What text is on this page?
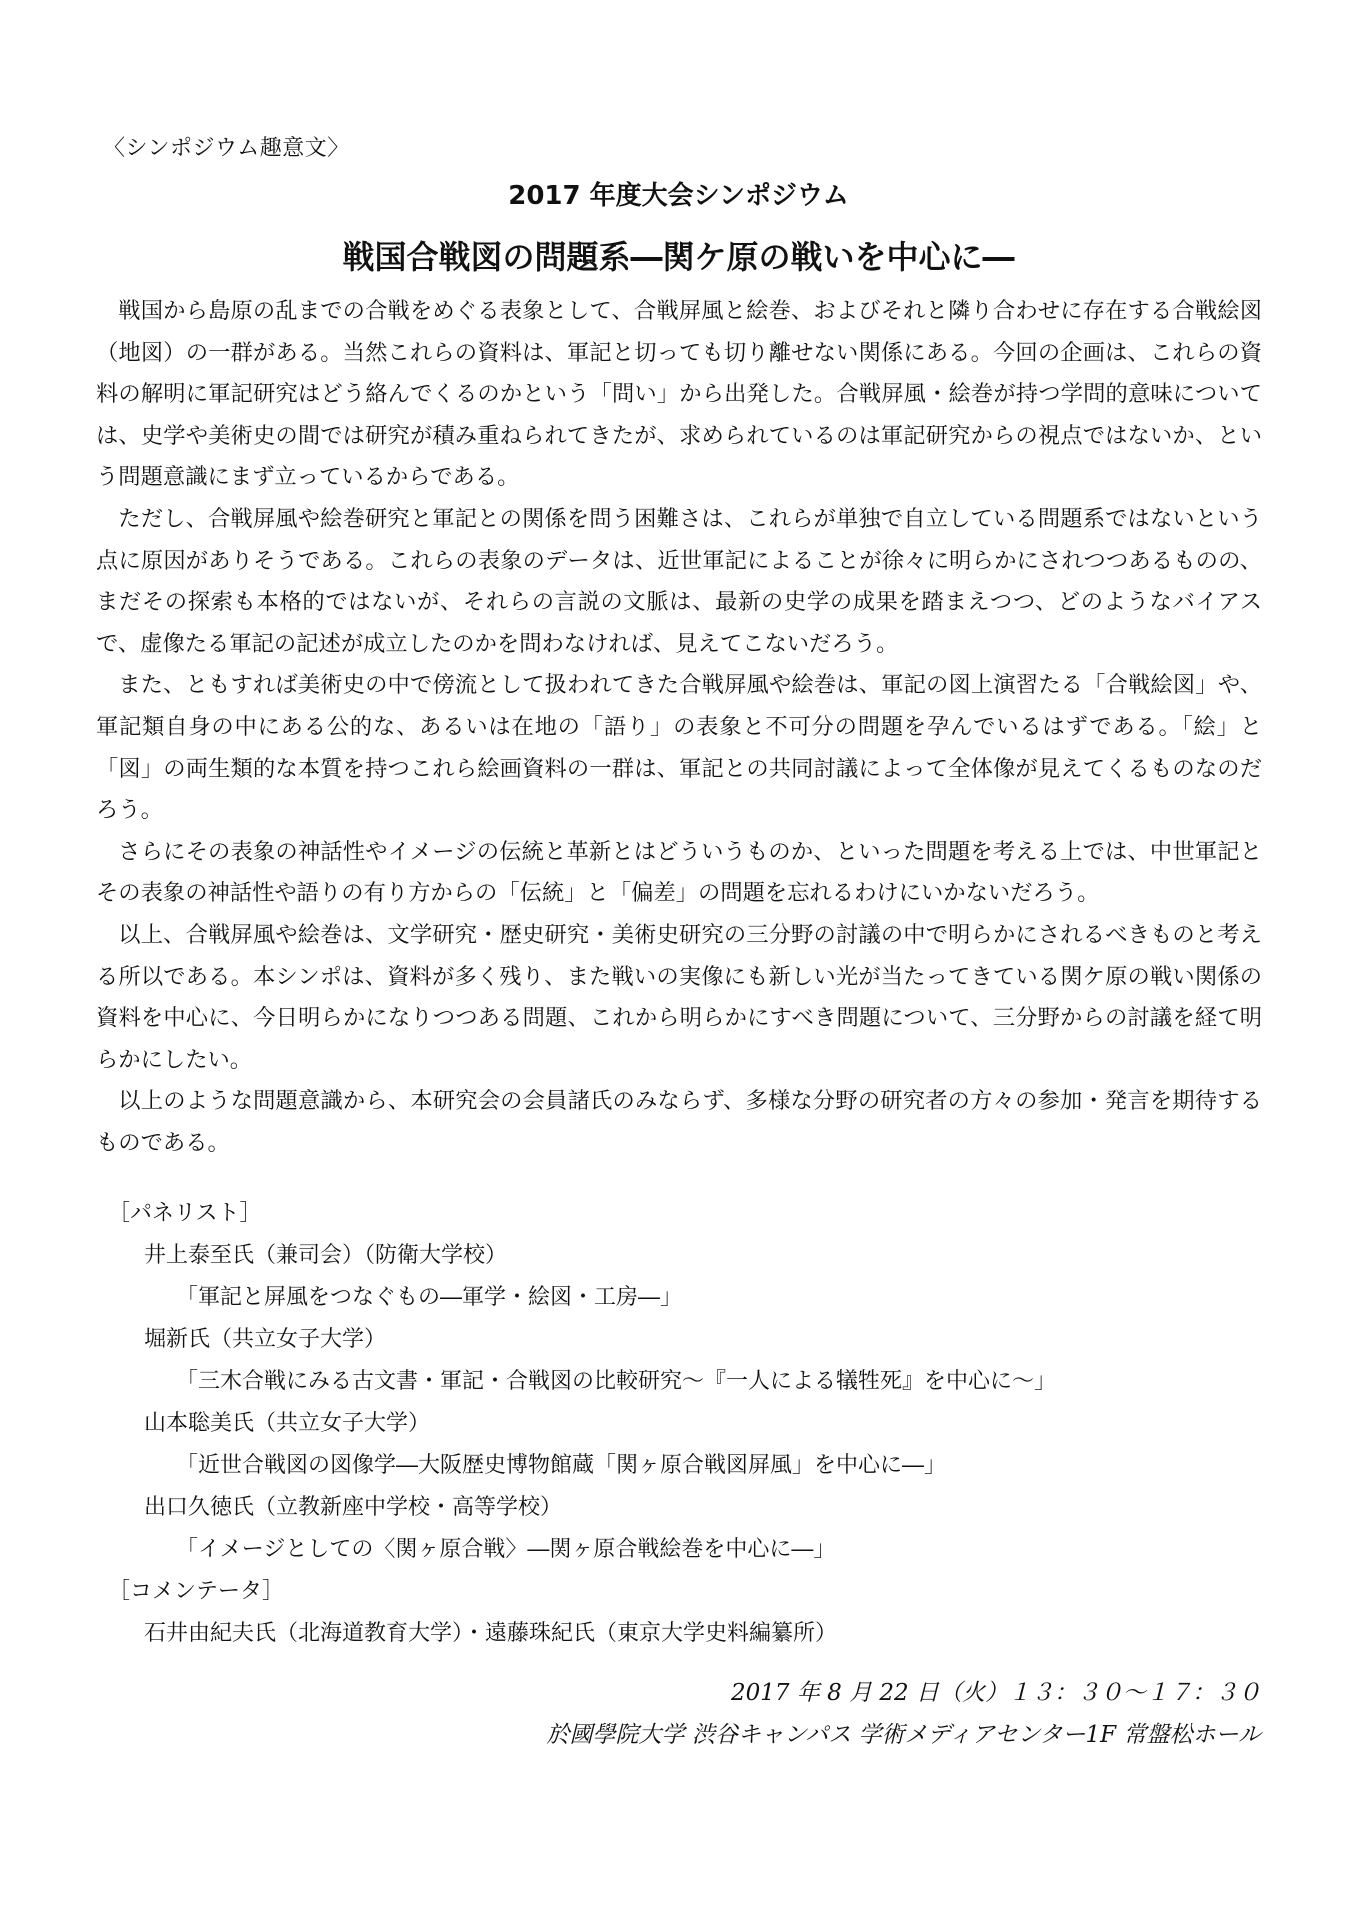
〈シンポジウム趣意文〉
2017 年度大会シンポジウム
戦国合戦図の問題系―関ケ原の戦いを中心に―

戦国から島原の乱までの合戦をめぐる表象として、合戦屏風と絵巻、およびそれと隣り合わせに存在する合戦絵図（地図）の一群がある。当然これらの資料は、軍記と切っても切り離せない関係にある。今回の企画は、これらの資料の解明に軍記研究はどう絡んでくるのかという「問い」から出発した。合戦屏風・絵巻が持つ学問的意味については、史学や美術史の間では研究が積み重ねられてきたが、求められているのは軍記研究からの視点ではないか、という問題意識にまず立っているからである。

ただし、合戦屏風や絵巻研究と軍記との関係を問う困難さは、これらが単独で自立している問題系ではないという点に原因がありそうである。これらの表象のデータは、近世軍記によることが徐々に明らかにされつつあるものの、まだその探索も本格的ではないが、それらの言説の文脈は、最新の史学の成果を踏まえつつ、どのようなバイアスで、虚像たる軍記の記述が成立したのかを問わなければ、見えてこないだろう。

また、ともすれば美術史の中で傍流として扱われてきた合戦屏風や絵巻は、軍記の図上演習たる「合戦絵図」や、軍記類自身の中にある公的な、あるいは在地の「語り」の表象と不可分の問題を孕んでいるはずである。「絵」と「図」の両生類的な本質を持つこれら絵画資料の一群は、軍記との共同討議によって全体像が見えてくるものなのだろう。

さらにその表象の神話性やイメージの伝統と革新とはどういうものか、といった問題を考える上では、中世軍記とその表象の神話性や語りの有り方からの「伝統」と「偏差」の問題を忘れるわけにいかないだろう。

以上、合戦屏風や絵巻は、文学研究・歴史研究・美術史研究の三分野の討議の中で明らかにされるべきものと考える所以である。本シンポは、資料が多く残り、また戦いの実像にも新しい光が当たってきている関ケ原の戦い関係の資料を中心に、今日明らかになりつつある問題、これから明らかにすべき問題について、三分野からの討議を経て明らかにしたい。

以上のような問題意識から、本研究会の会員諸氏のみならず、多様な分野の研究者の方々の参加・発言を期待するものである。

［パネリスト］

井上泰至氏（兼司会）（防衛大学校）

「軍記と屏風をつなぐもの―軍学・絵図・工房―」

堀新氏（共立女子大学）

「三木合戦にみる古文書・軍記・合戦図の比較研究～『一人による犠牲死』を中心に～」

山本聡美氏（共立女子大学）

「近世合戦図の図像学―大阪歴史博物館蔵「関ヶ原合戦図屏風」を中心に―」

出口久徳氏（立教新座中学校・高等学校）

「イメージとしての〈関ヶ原合戦〉―関ヶ原合戦絵巻を中心に―」

［コメンテータ］

石井由紀夫氏（北海道教育大学）・遠藤珠紀氏（東京大学史料編纂所）

2017 年 8 月 22 日（火）１３：３０～１７：３０
於國學院大学 渋谷キャンパス 学術メディアセンター1F 常盤松ホール
